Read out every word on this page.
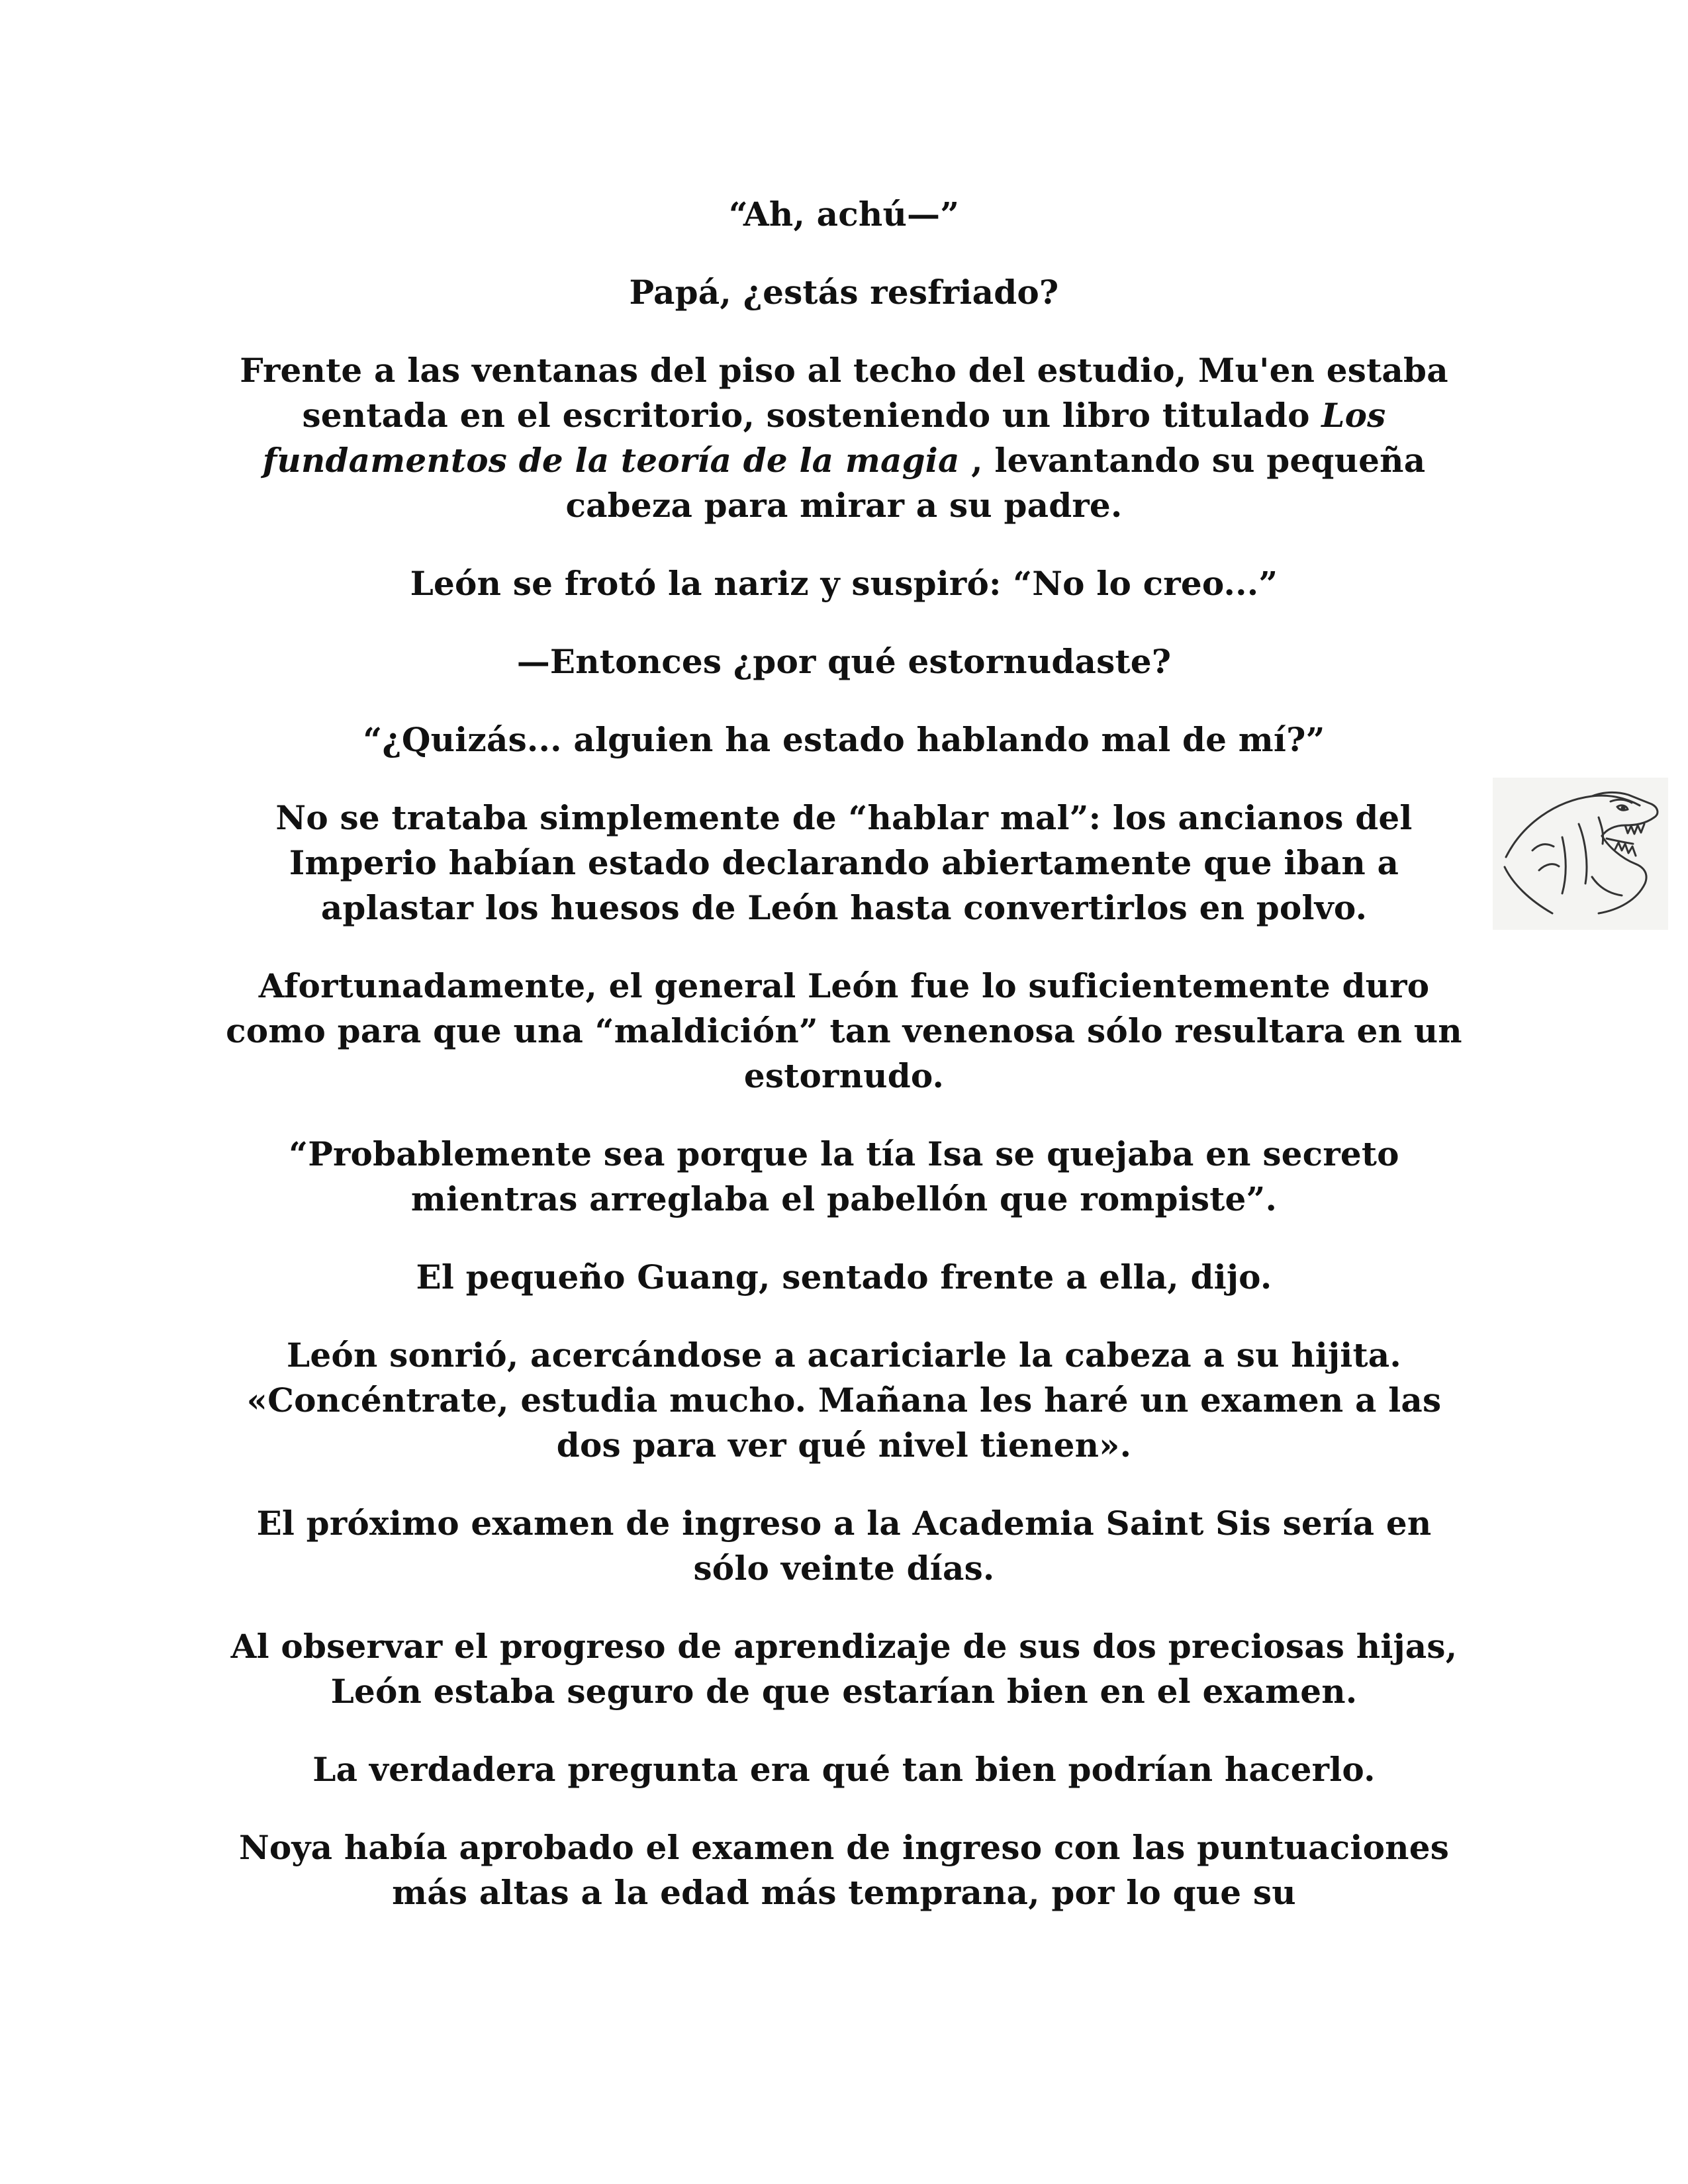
“Ah, achú—”

Papá, ¿estás resfriado?

Frente a las ventanas del piso al techo del estudio, Mu'en estaba sentada en el escritorio, sosteniendo un libro titulado Los fundamentos de la teoría de la magia , levantando su pequeña cabeza para mirar a su padre.

León se frotó la nariz y suspiró: “No lo creo...”

—Entonces ¿por qué estornudaste?

“¿Quizás... alguien ha estado hablando mal de mí?”

No se trataba simplemente de “hablar mal”: los ancianos del Imperio habían estado declarando abiertamente que iban a aplastar los huesos de León hasta convertirlos en polvo.

Afortunadamente, el general León fue lo suficientemente duro como para que una “maldición” tan venenosa sólo resultara en un estornudo.

“Probablemente sea porque la tía Isa se quejaba en secreto mientras arreglaba el pabellón que rompiste”.

El pequeño Guang, sentado frente a ella, dijo.

León sonrió, acercándose a acariciarle la cabeza a su hijita. «Concéntrate, estudia mucho. Mañana les haré un examen a las dos para ver qué nivel tienen».

El próximo examen de ingreso a la Academia Saint Sis sería en sólo veinte días.

Al observar el progreso de aprendizaje de sus dos preciosas hijas, León estaba seguro de que estarían bien en el examen.

La verdadera pregunta era qué tan bien podrían hacerlo.

Noya había aprobado el examen de ingreso con las puntuaciones más altas a la edad más temprana, por lo que su
